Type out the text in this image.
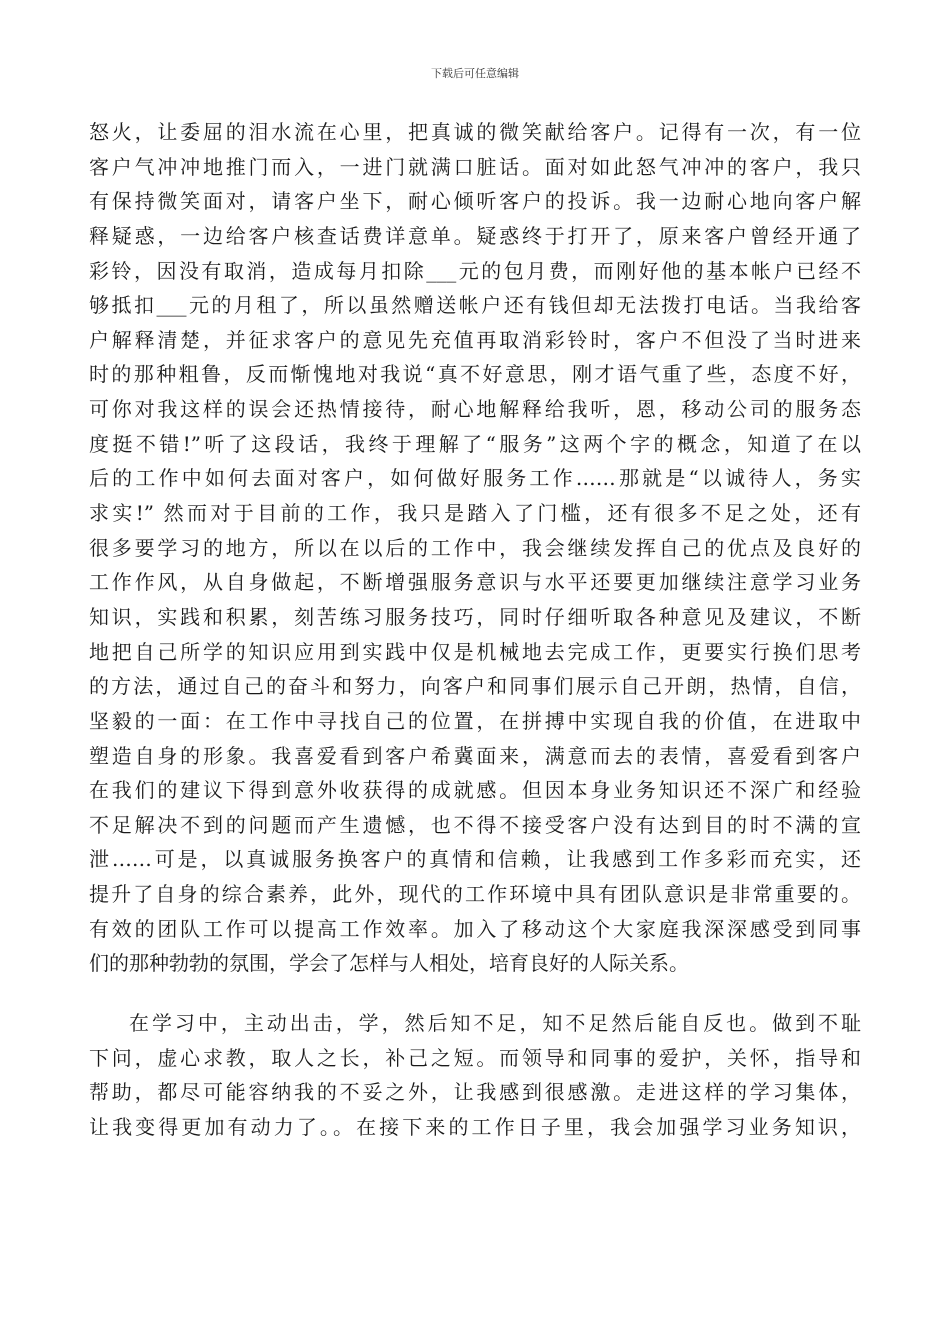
下载后可任意编辑
怒火，让委屈的泪水流在心里，把真诚的微笑献给客户。记得有一次，有一位
客户气冲冲地推门而入，一进门就满口脏话。面对如此怒气冲冲的客户，我只
有保持微笑面对，请客户坐下，耐心倾听客户的投诉。我一边耐心地向客户解
释疑惑，一边给客户核查话费详意单。疑惑终于打开了，原来客户曾经开通了
彩铃，因没有取消，造成每月扣除___元的包月费，而刚好他的基本帐户已经不
够抵扣___元的月租了，所以虽然赠送帐户还有钱但却无法拨打电话。当我给客
户解释清楚，并征求客户的意见先充值再取消彩铃时，客户不但没了当时进来
时的那种粗鲁，反而惭愧地对我说“真不好意思，刚才语气重了些，态度不好，
可你对我这样的误会还热情接待，耐心地解释给我听，恩，移动公司的服务态
度挺不错!”听了这段话，我终于理解了“服务”这两个字的概念，知道了在以
后的工作中如何去面对客户，如何做好服务工作……那就是“以诚待人，务实
求实!” 然而对于目前的工作，我只是踏入了门槛，还有很多不足之处，还有
很多要学习的地方，所以在以后的工作中，我会继续发挥自己的优点及良好的
工作作风，从自身做起，不断增强服务意识与水平还要更加继续注意学习业务
知识，实践和积累，刻苦练习服务技巧，同时仔细听取各种意见及建议，不断
地把自己所学的知识应用到实践中仅是机械地去完成工作，更要实行换们思考
的方法，通过自己的奋斗和努力，向客户和同事们展示自己开朗，热情，自信，
坚毅的一面：在工作中寻找自己的位置，在拼搏中实现自我的价值，在进取中
塑造自身的形象。我喜爱看到客户希冀面来，满意而去的表情，喜爱看到客户
在我们的建议下得到意外收获得的成就感。但因本身业务知识还不深广和经验
不足解决不到的问题而产生遗憾，也不得不接受客户没有达到目的时不满的宣
泄……可是，以真诚服务换客户的真情和信赖，让我感到工作多彩而充实，还
提升了自身的综合素养，此外，现代的工作环境中具有团队意识是非常重要的。
有效的团队工作可以提高工作效率。加入了移动这个大家庭我深深感受到同事
们的那种勃勃的氛围，学会了怎样与人相处，培育良好的人际关系。
在学习中，主动出击，学，然后知不足，知不足然后能自反也。做到不耻
下问，虚心求教，取人之长，补己之短。而领导和同事的爱护，关怀，指导和
帮助，都尽可能容纳我的不妥之外，让我感到很感激。走进这样的学习集体，
让我变得更加有动力了。。在接下来的工作日子里，我会加强学习业务知识，
